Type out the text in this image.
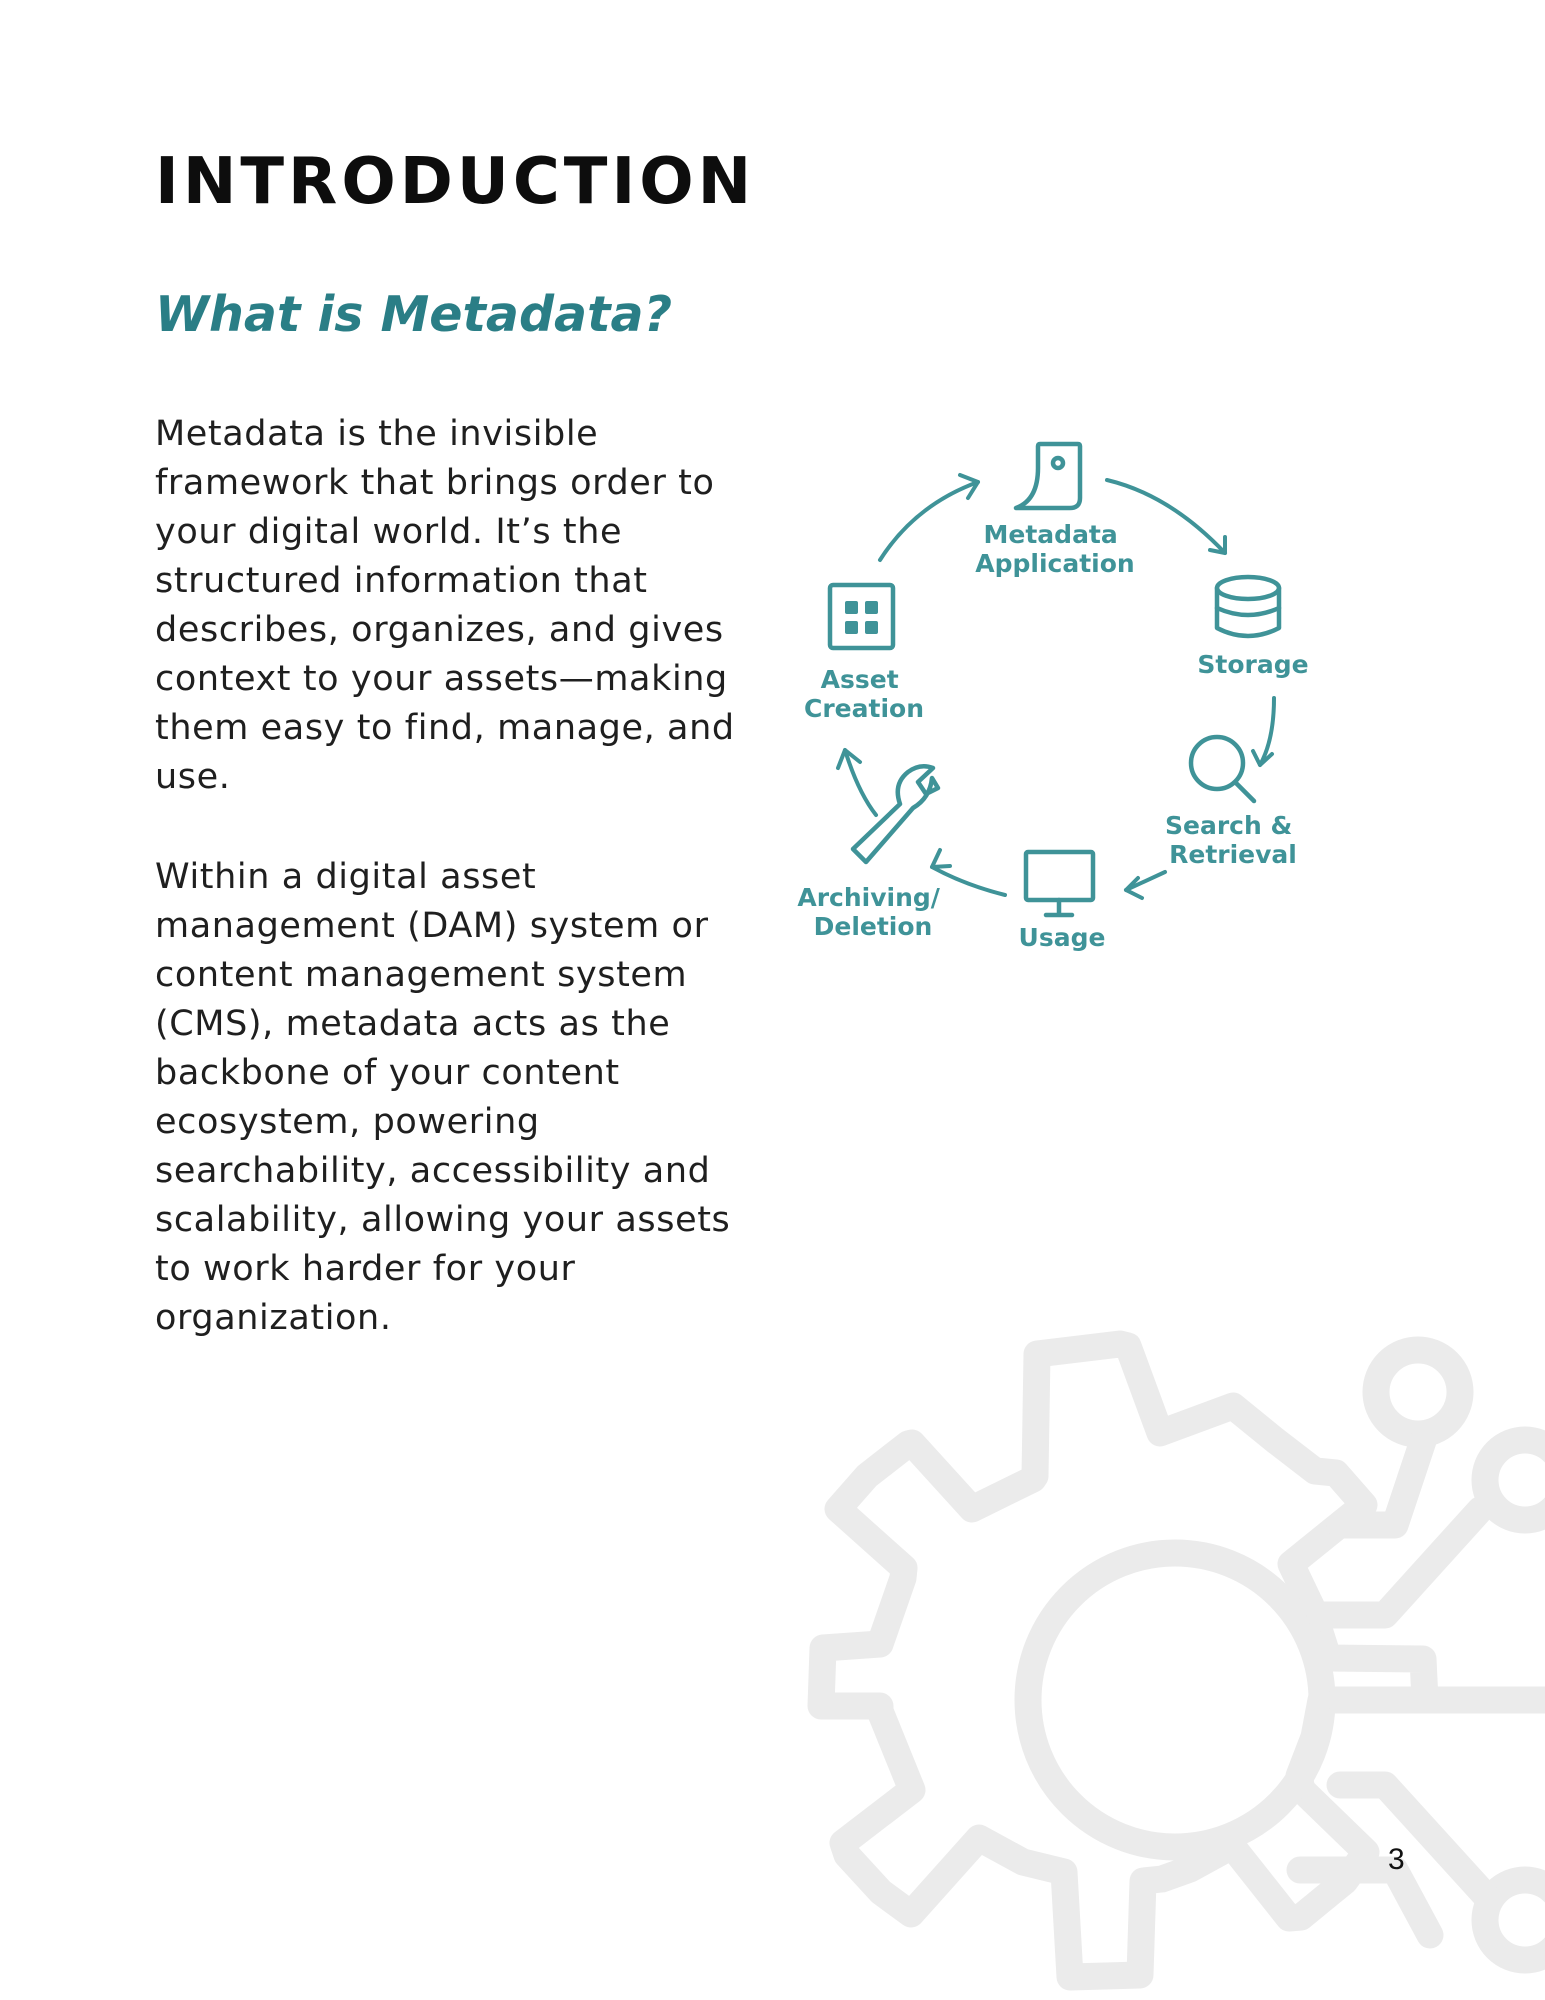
INTRODUCTION
What is Metadata?

Metadata is the invisible framework that brings order to your digital world. It’s the structured information that describes, organizes, and gives context to your assets—making them easy to find, manage, and use.

Within a digital asset management (DAM) system or content management system (CMS), metadata acts as the backbone of your content ecosystem, powering searchability, accessibility and scalability, allowing your assets to work harder for your organization.

Metadata Application
Storage
Search & Retrieval
Usage
Archiving/ Deletion
Asset Creation

3
